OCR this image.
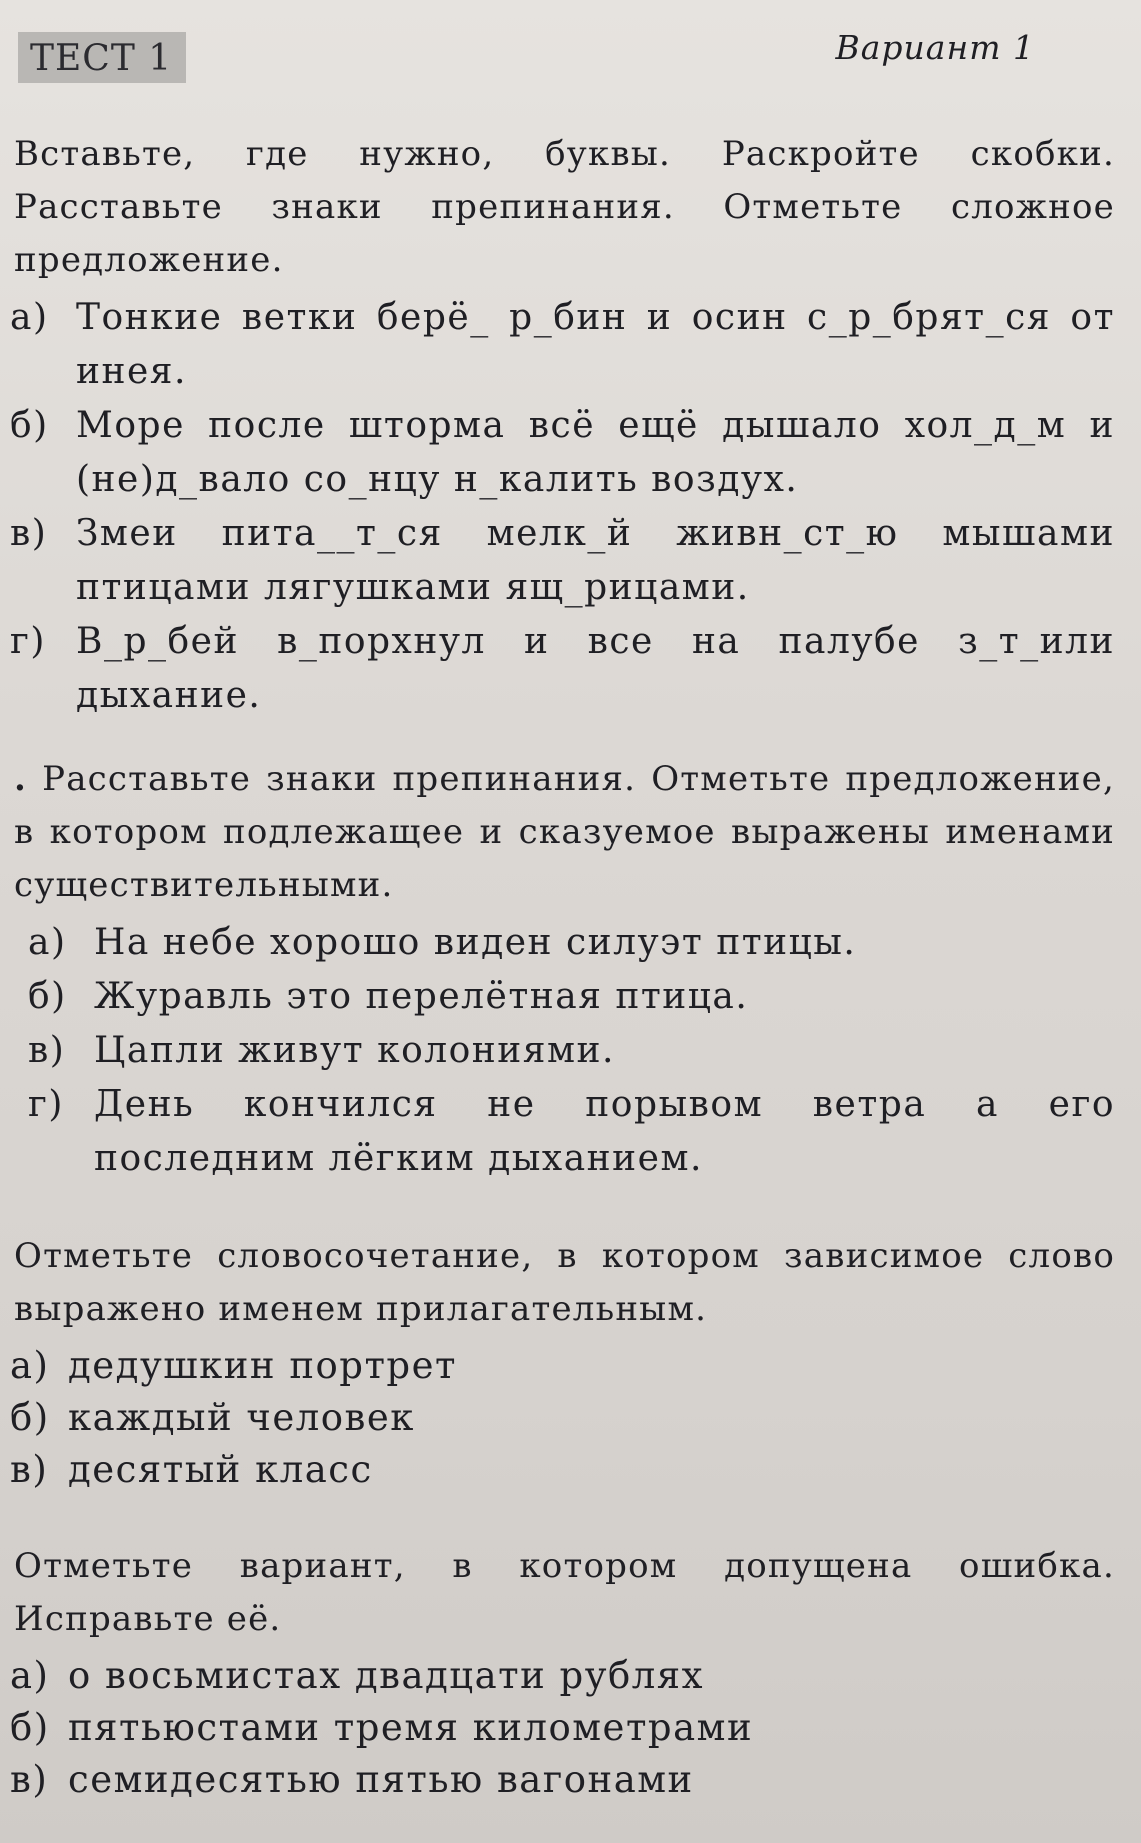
ТЕСТ 1	Вариант 1

Вставьте, где нужно, буквы. Раскройте скобки. Расставьте знаки препинания. Отметьте сложное предложение.

а) Тонкие ветки берё_ р_бин и осин с_р_брят_ся от инея.
б) Море после шторма всё ещё дышало хол_д_м и (не)д_вало со_нцу н_калить воздух.
в) Змеи пита__т_ся мелк_й живн_ст_ю мышами птицами лягушками ящ_рицами.
г) В_р_бей в_порхнул и все на палубе з_т_или дыхание.

. Расставьте знаки препинания. Отметьте предложение, в котором подлежащее и сказуемое выражены именами существительными.

а) На небе хорошо виден силуэт птицы.
б) Журавль это перелётная птица.
в) Цапли живут колониями.
г) День кончился не порывом ветра а его последним лёгким дыханием.

Отметьте словосочетание, в котором зависимое слово выражено именем прилагательным.

а) дедушкин портрет
б) каждый человек
в) десятый класс

Отметьте вариант, в котором допущена ошибка. Исправьте её.

а) о восьмистах двадцати рублях
б) пятьюстами тремя километрами
в) семидесятью пятью вагонами
